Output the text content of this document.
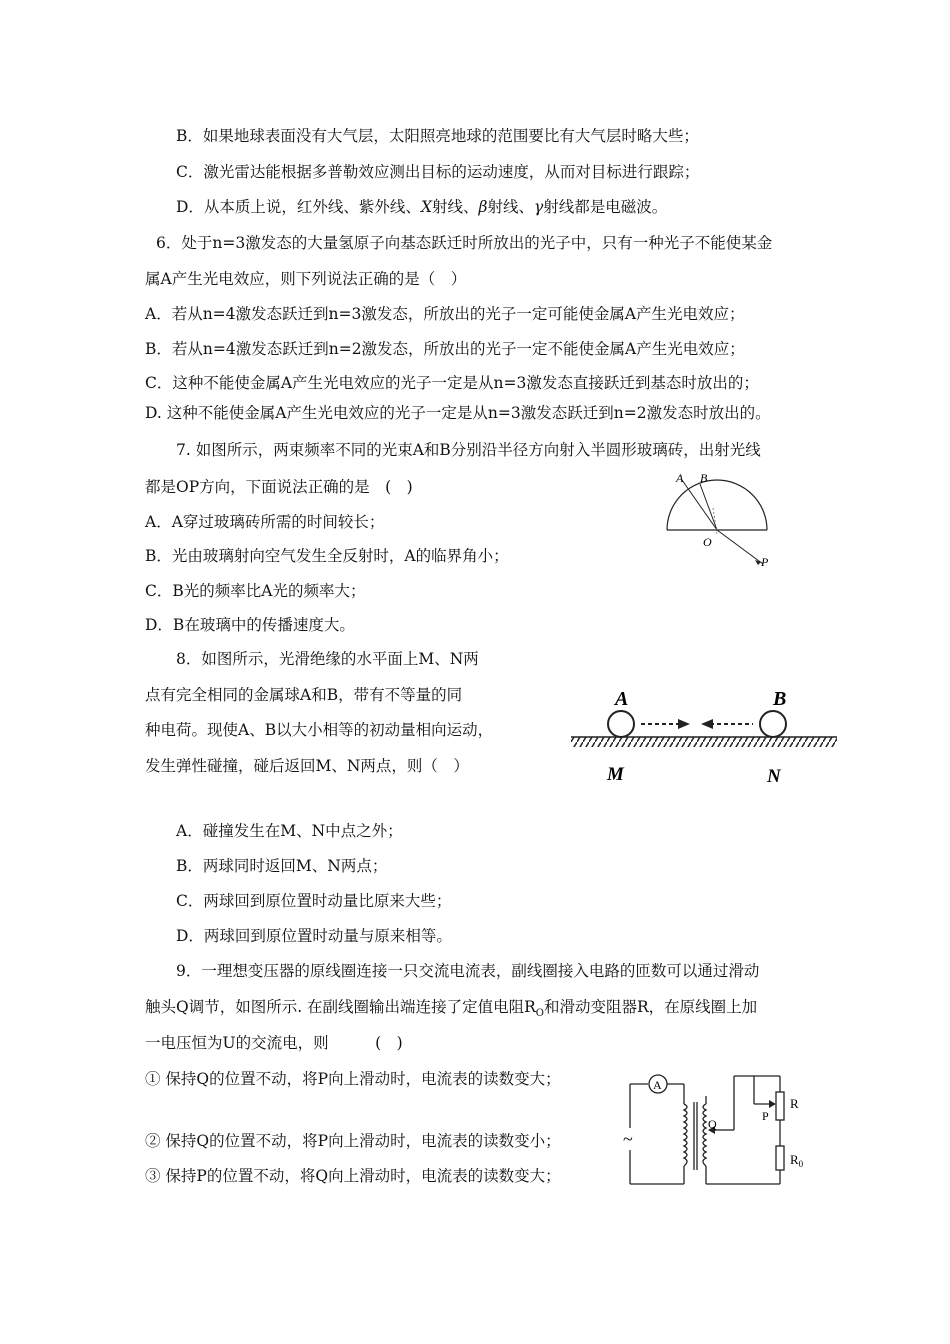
B．如果地球表面没有大气层，太阳照亮地球的范围要比有大气层时略大些；
C．激光雷达能根据多普勒效应测出目标的运动速度，从而对目标进行跟踪；
D．从本质上说，红外线、紫外线、X射线、β射线、γ射线都是电磁波。
6．处于n=3激发态的大量氢原子向基态跃迁时所放出的光子中，只有一种光子不能使某金
属A产生光电效应，则下列说法正确的是（　）
A．若从n=4激发态跃迁到n=3激发态，所放出的光子一定可能使金属A产生光电效应；
B．若从n=4激发态跃迁到n=2激发态，所放出的光子一定不能使金属A产生光电效应；
C．这种不能使金属A产生光电效应的光子一定是从n=3激发态直接跃迁到基态时放出的；
D. 这种不能使金属A产生光电效应的光子一定是从n=3激发态跃迁到n=2激发态时放出的。
7. 如图所示，两束频率不同的光束A和B分别沿半径方向射入半圆形玻璃砖，出射光线
都是OP方向，下面说法正确的是　(　)
A．A穿过玻璃砖所需的时间较长；
B．光由玻璃射向空气发生全反射时，A的临界角小；
C．B光的频率比A光的频率大；
D．B在玻璃中的传播速度大。
A B
O
P
8．如图所示，光滑绝缘的水平面上M、N两
点有完全相同的金属球A和B，带有不等量的同
种电荷。现使A、B以大小相等的初动量相向运动，
发生弹性碰撞，碰后返回M、N两点，则（　）
A	B
M	N
A．碰撞发生在M、N中点之外；
B．两球同时返回M、N两点；
C．两球回到原位置时动量比原来大些；
D．两球回到原位置时动量与原来相等。
9．一理想变压器的原线圈连接一只交流电流表，副线圈接入电路的匝数可以通过滑动
触头Q调节，如图所示. 在副线圈输出端连接了定值电阻$R_O$和滑动变阻器R，在原线圈上加
一电压恒为U的交流电，则　　　(　)
① 保持Q的位置不动，将P向上滑动时，电流表的读数变大；
② 保持Q的位置不动，将P向上滑动时，电流表的读数变小；
③ 保持P的位置不动，将Q向上滑动时，电流表的读数变大；
A
~
Q
P
R
$R_0$
